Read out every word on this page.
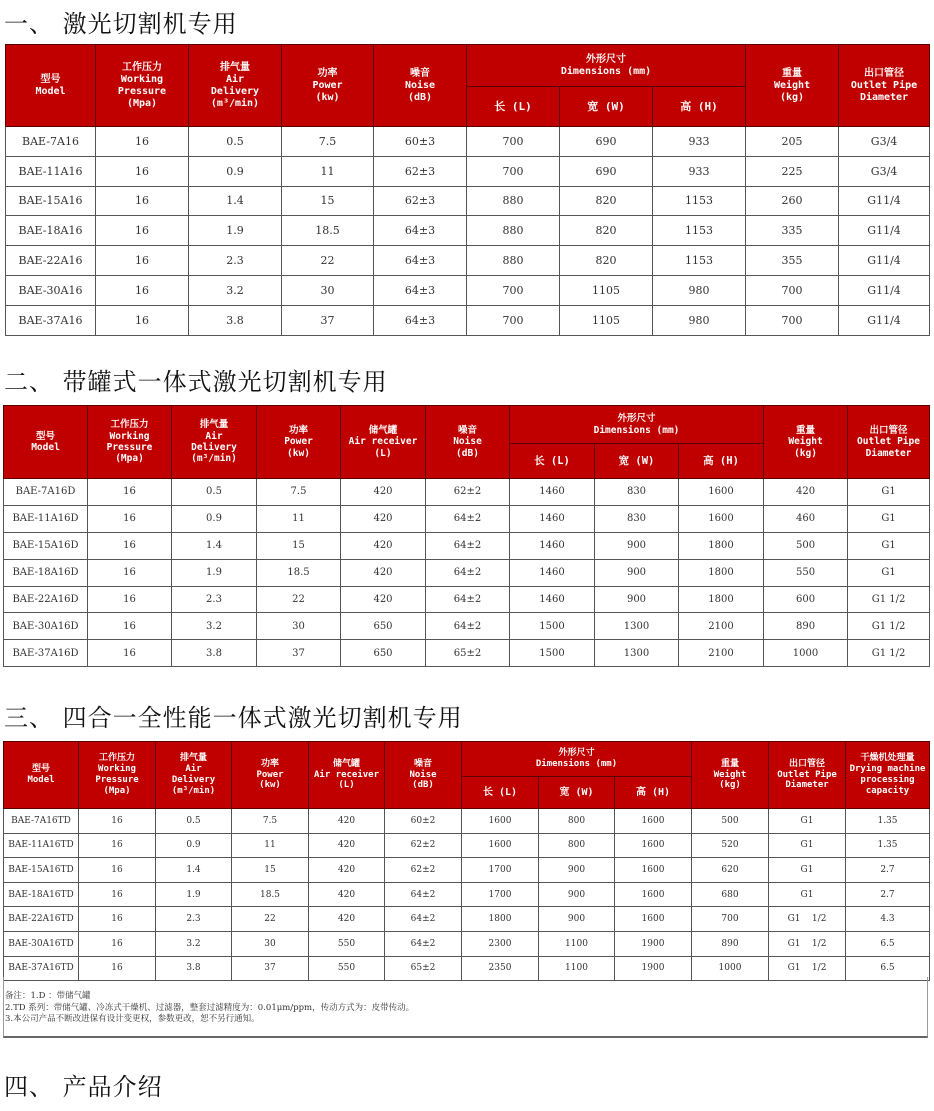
一、 激光切割机专用
型号
Model	工作压力
Working
Pressure
(Mpa)	排气量
Air
Delivery
(m³/min)	功率
Power
(kw)	噪音
Noise
(dB)	外形尺寸
Dimensions (mm)			重量
Weight
(kg)	出口管径
Outlet Pipe
Diameter

					长 (L)	宽 (W)	高 (H)		
BAE-7A16	16	0.5	7.5	60±3	700	690	933	205	G3/4
BAE-11A16	16	0.9	11	62±3	700	690	933	225	G3/4
BAE-15A16	16	1.4	15	62±3	880	820	1153	260	G11/4
BAE-18A16	16	1.9	18.5	64±3	880	820	1153	335	G11/4
BAE-22A16	16	2.3	22	64±3	880	820	1153	355	G11/4
BAE-30A16	16	3.2	30	64±3	700	1105	980	700	G11/4
BAE-37A16	16	3.8	37	64±3	700	1105	980	700	G11/4
二、 带罐式一体式激光切割机专用
型号
Model	工作压力
Working
Pressure
(Mpa)	排气量
Air
Delivery
(m³/min)	功率
Power
(kw)	储气罐
Air receiver
(L)	噪音
Noise
(dB)	外形尺寸
Dimensions (mm)			重量
Weight
(kg)	出口管径
Outlet Pipe
Diameter

						长 (L)	宽 (W)	高 (H)		
BAE-7A16D	16	0.5	7.5	420	62±2	1460	830	1600	420	G1
BAE-11A16D	16	0.9	11	420	64±2	1460	830	1600	460	G1
BAE-15A16D	16	1.4	15	420	64±2	1460	900	1800	500	G1
BAE-18A16D	16	1.9	18.5	420	64±2	1460	900	1800	550	G1
BAE-22A16D	16	2.3	22	420	64±2	1460	900	1800	600	G1 1/2
BAE-30A16D	16	3.2	30	650	64±2	1500	1300	2100	890	G1 1/2
BAE-37A16D	16	3.8	37	650	65±2	1500	1300	2100	1000	G1 1/2
三、 四合一全性能一体式激光切割机专用
型号
Model	工作压力
Working
Pressure
(Mpa)	排气量
Air
Delivery
(m³/min)	功率
Power
(kw)	储气罐
Air receiver
(L)	噪音
Noise
(dB)	外形尺寸
Dimensions (mm)			重量
Weight
(kg)	出口管径
Outlet Pipe
Diameter	干燥机处理量
Drying machine
processing
capacity

						长 (L)	宽 (W)	高 (H)			
BAE-7A16TD	16	0.5	7.5	420	60±2	1600	800	1600	500	G1	1.35
BAE-11A16TD	16	0.9	11	420	62±2	1600	800	1600	520	G1	1.35
BAE-15A16TD	16	1.4	15	420	62±2	1700	900	1600	620	G1	2.7
BAE-18A16TD	16	1.9	18.5	420	64±2	1700	900	1600	680	G1	2.7
BAE-22A16TD	16	2.3	22	420	64±2	1800	900	1600	700	G1    1/2	4.3
BAE-30A16TD	16	3.2	30	550	64±2	2300	1100	1900	890	G1    1/2	6.5
BAE-37A16TD	16	3.8	37	550	65±2	2350	1100	1900	1000	G1    1/2	6.5
备注：1.D ：带储气罐
2.TD 系列：带储气罐、冷冻式干燥机、过滤器，整套过滤精度为：0.01μm/ppm，传动方式为：皮带传动。
3.本公司产品不断改进保有设计变更权，参数更改，恕不另行通知。
四、 产品介绍
